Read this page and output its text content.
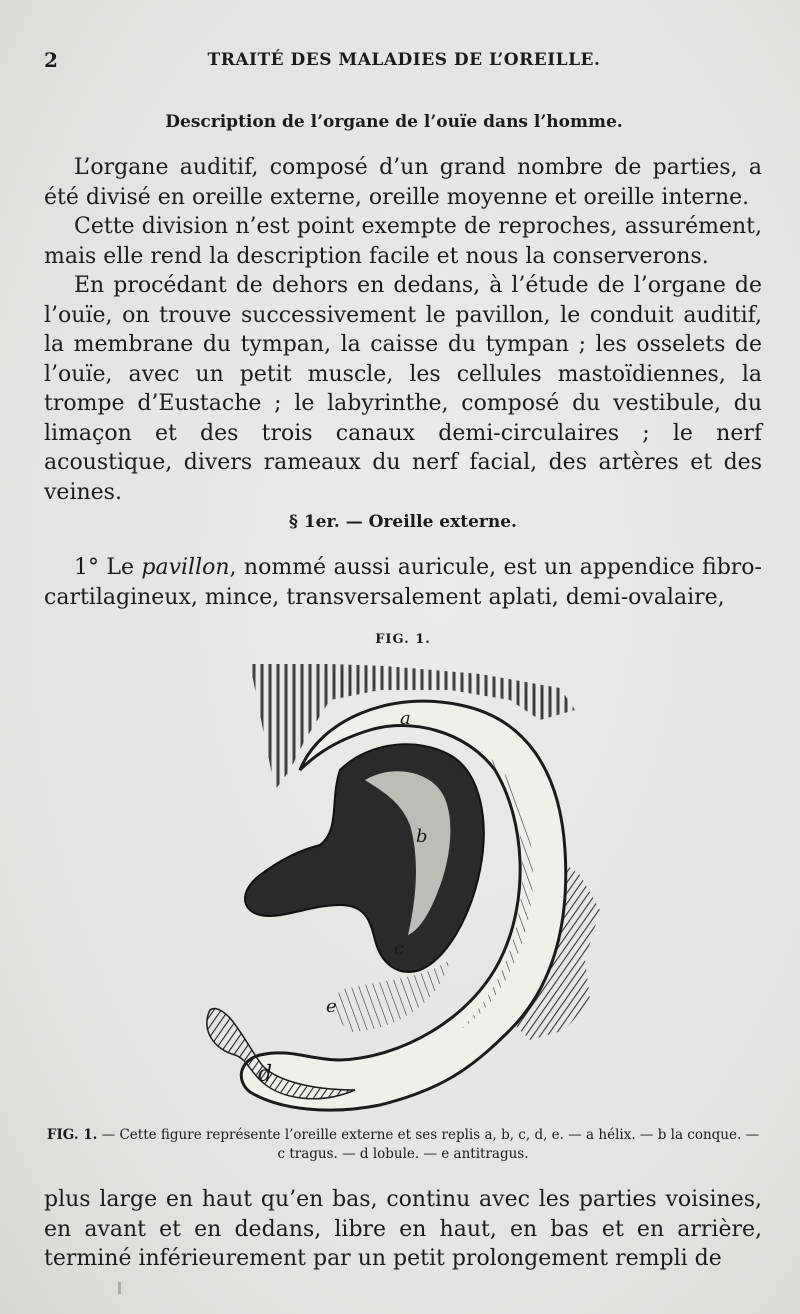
2	TRAITÉ DES MALADIES DE L’OREILLE.
Description de l’organe de l’ouïe dans l’homme.

L’organe auditif, composé d’un grand nombre de parties, a été divisé en oreille externe, oreille moyenne et oreille interne.

Cette division n’est point exempte de reproches, assurément, mais elle rend la description facile et nous la conserverons.

En procédant de dehors en dedans, à l’étude de l’organe de l’ouïe, on trouve successivement le pavillon, le conduit auditif, la membrane du tympan, la caisse du tympan ; les osselets de l’ouïe, avec un petit muscle, les cellules mastoïdiennes, la trompe d’Eustache ; le labyrinthe, composé du vestibule, du limaçon et des trois canaux demi-circulaires ; le nerf acoustique, divers rameaux du nerf facial, des artères et des veines.

§ 1er. — Oreille externe.

1° Le pavillon, nommé aussi auricule, est un appendice fibro-cartilagineux, mince, transversalement aplati, demi-ovalaire,

FIG. 1.
a
b
c
d
e
FIG. 1. — Cette figure représente l’oreille externe et ses replis a, b, c, d, e. — a hélix. — b la conque. — c tragus. — d lobule. — e antitragus.

plus large en haut qu’en bas, continu avec les parties voisines, en avant et en dedans, libre en haut, en bas et en arrière, terminé inférieurement par un petit prolongement rempli de
